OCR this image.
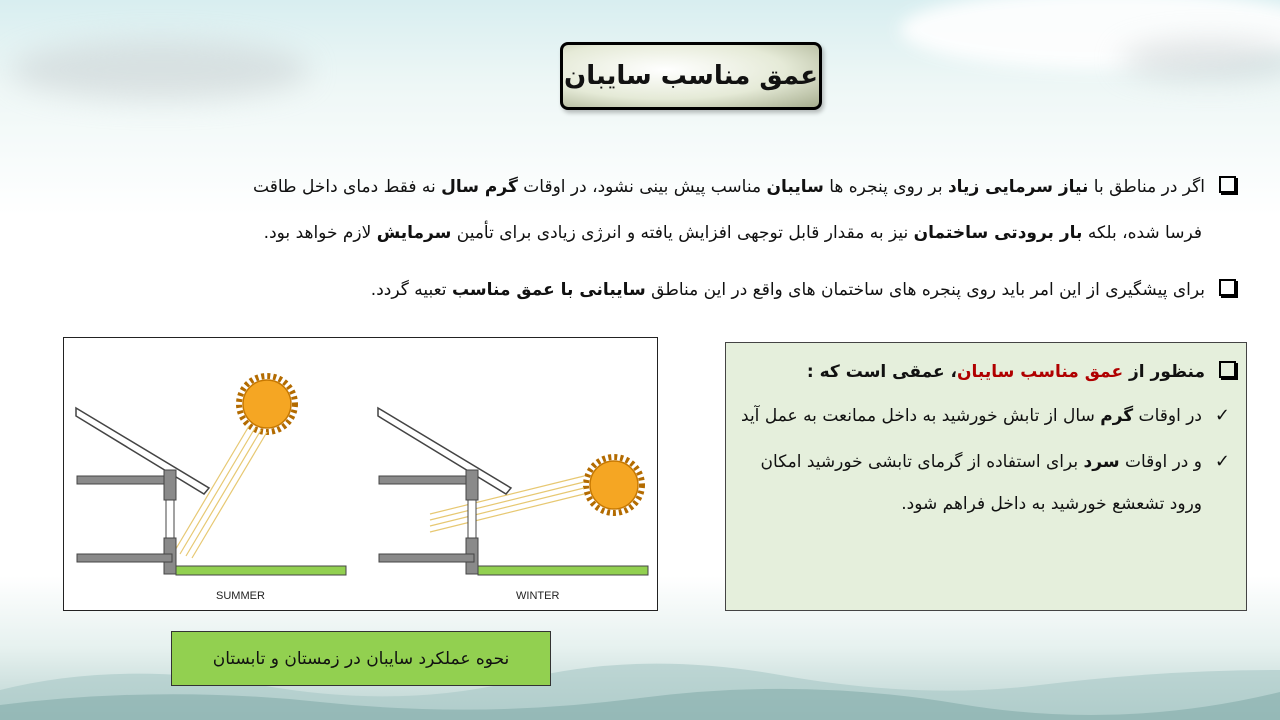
عمق مناسب سایبان
اگر در مناطق با نیاز سرمایی زیاد بر روی پنجره ها سایبان مناسب پیش بینی نشود، در اوقات گرم سال نه فقط دمای داخل طاقت
فرسا شده، بلکه بار برودتی ساختمان نیز به مقدار قابل توجهی افزایش یافته و انرژی زیادی برای تأمین سرمایش لازم خواهد بود.
برای پیشگیری از این امر باید روی پنجره های ساختمان های واقع در این مناطق سایبانی با عمق مناسب تعبیه گردد.
SUMMER	WINTER
منظور از عمق مناسب سایبان، عمقی است که :
✓
در اوقات گرم سال از تابش خورشید به داخل ممانعت به عمل آید
✓
و در اوقات سرد برای استفاده از گرمای تابشی خورشید امکان ورود تشعشع خورشید به داخل فراهم شود.
نحوه عملکرد سایبان در زمستان و تابستان
